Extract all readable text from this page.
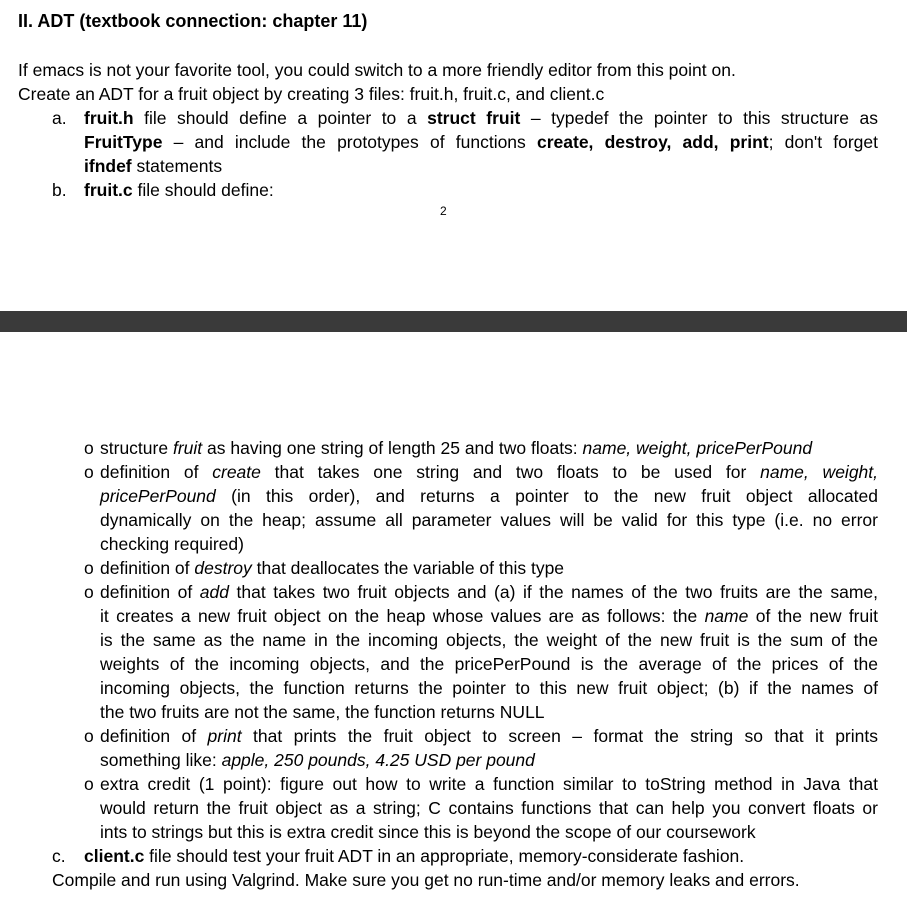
II. ADT (textbook connection: chapter 11)
If emacs is not your favorite tool, you could switch to a more friendly editor from this point on.
Create an ADT for a fruit object by creating 3 files: fruit.h, fruit.c, and client.c
a. fruit.h file should define a pointer to a struct fruit – typedef the pointer to this structure as
FruitType – and include the prototypes of functions create, destroy, add, print; don't forget
ifndef statements
b. fruit.c file should define:
2
o structure fruit as having one string of length 25 and two floats: name, weight, pricePerPound
o definition of create that takes one string and two floats to be used for name, weight,
pricePerPound (in this order), and returns a pointer to the new fruit object allocated
dynamically on the heap; assume all parameter values will be valid for this type (i.e. no error
checking required)
o definition of destroy that deallocates the variable of this type
o definition of add that takes two fruit objects and (a) if the names of the two fruits are the same,
it creates a new fruit object on the heap whose values are as follows: the name of the new fruit
is the same as the name in the incoming objects, the weight of the new fruit is the sum of the
weights of the incoming objects, and the pricePerPound is the average of the prices of the
incoming objects, the function returns the pointer to this new fruit object; (b) if the names of
the two fruits are not the same, the function returns NULL
o definition of print that prints the fruit object to screen – format the string so that it prints
something like: apple, 250 pounds, 4.25 USD per pound
o extra credit (1 point): figure out how to write a function similar to toString method in Java that
would return the fruit object as a string; C contains functions that can help you convert floats or
ints to strings but this is extra credit since this is beyond the scope of our coursework
c. client.c file should test your fruit ADT in an appropriate, memory-considerate fashion.
Compile and run using Valgrind. Make sure you get no run-time and/or memory leaks and errors.
